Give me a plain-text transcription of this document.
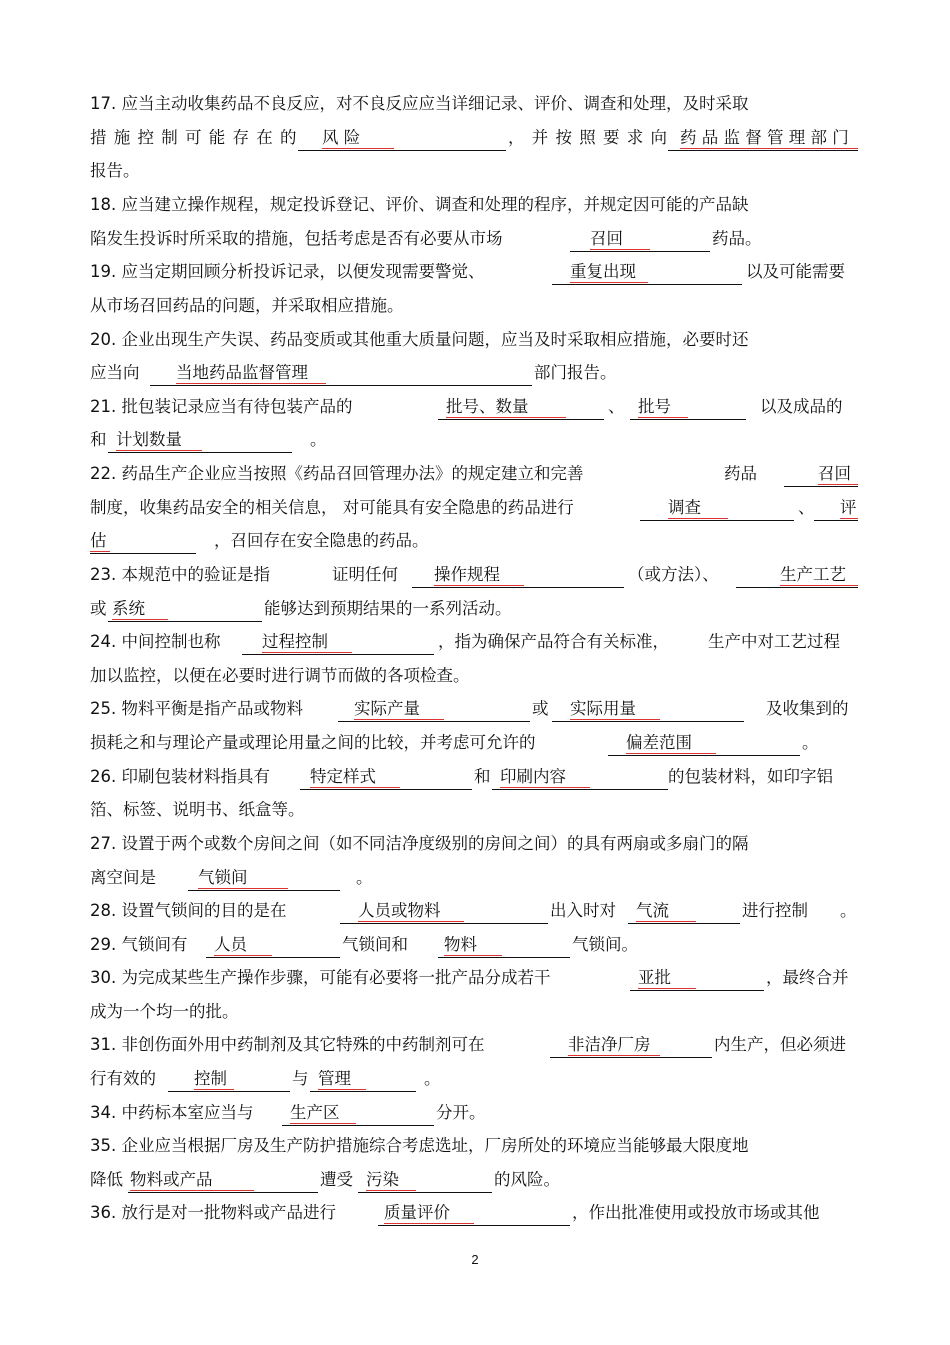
17. 应当主动收集药品不良反应，对不良反应应当详细记录、评价、调查和处理，及时采取
措 施 控 制 可 能 存 在 的 风 险	， 并 按 照 要 求 向 药 品 监 督 管 理 部 门
报告。
18. 应当建立操作规程，规定投诉登记、评价、调查和处理的程序，并规定因可能的产品缺
陷发生投诉时所采取的措施，包括考虑是否有必要从市场	召回	药品。
19. 应当定期回顾分析投诉记录，以便发现需要警觉、	重复出现	以及可能需要
从市场召回药品的问题，并采取相应措施。
20. 企业出现生产失误、药品变质或其他重大质量问题，应当及时采取相应措施，必要时还
应当向 当地药品监督管理	部门报告。
21. 批包装记录应当有待包装产品的	批号、数量	、 批号	以及成品的
和 计划数量	。
22. 药品生产企业应当按照《药品召回管理办法》的规定建立和完善	药品	召回
制度，收集药品安全的相关信息， 对可能具有安全隐患的药品进行	调查	、 评
估	，召回存在安全隐患的药品。
23. 本规范中的验证是指	证明任何 操作规程	（或方法）、	生产工艺
或 系统	能够达到预期结果的一系列活动。
24. 中间控制也称	过程控制	，指为确保产品符合有关标准， 生产中对工艺过程
加以监控，以便在必要时进行调节而做的各项检查。
25. 物料平衡是指产品或物料	实际产量	或 实际用量	及收集到的
损耗之和与理论产量或理论用量之间的比较，并考虑可允许的	偏差范围	。
26. 印刷包装材料指具有 特定样式	和 印刷内容	的包装材料，如印字铝
箔、标签、说明书、纸盒等。
27. 设置于两个或数个房间之间（如不同洁净度级别的房间之间）的具有两扇或多扇门的隔
离空间是	气锁间	。
28. 设置气锁间的目的是在	人员或物料	出入时对 气流	进行控制 。
29. 气锁间有 人员	气锁间和 物料	气锁间。
30. 为完成某些生产操作步骤，可能有必要将一批产品分成若干	亚批	，最终合并
成为一个均一的批。
31. 非创伤面外用中药制剂及其它特殊的中药制剂可在	非洁净厂房	内生产，但必须进
行有效的 控制	与 管理	。
34. 中药标本室应当与 生产区	分开。
35. 企业应当根据厂房及生产防护措施综合考虑选址，厂房所处的环境应当能够最大限度地
降低 物料或产品	遭受 污染	的风险。
36. 放行是对一批物料或产品进行	质量评价	，作出批准使用或投放市场或其他
2
